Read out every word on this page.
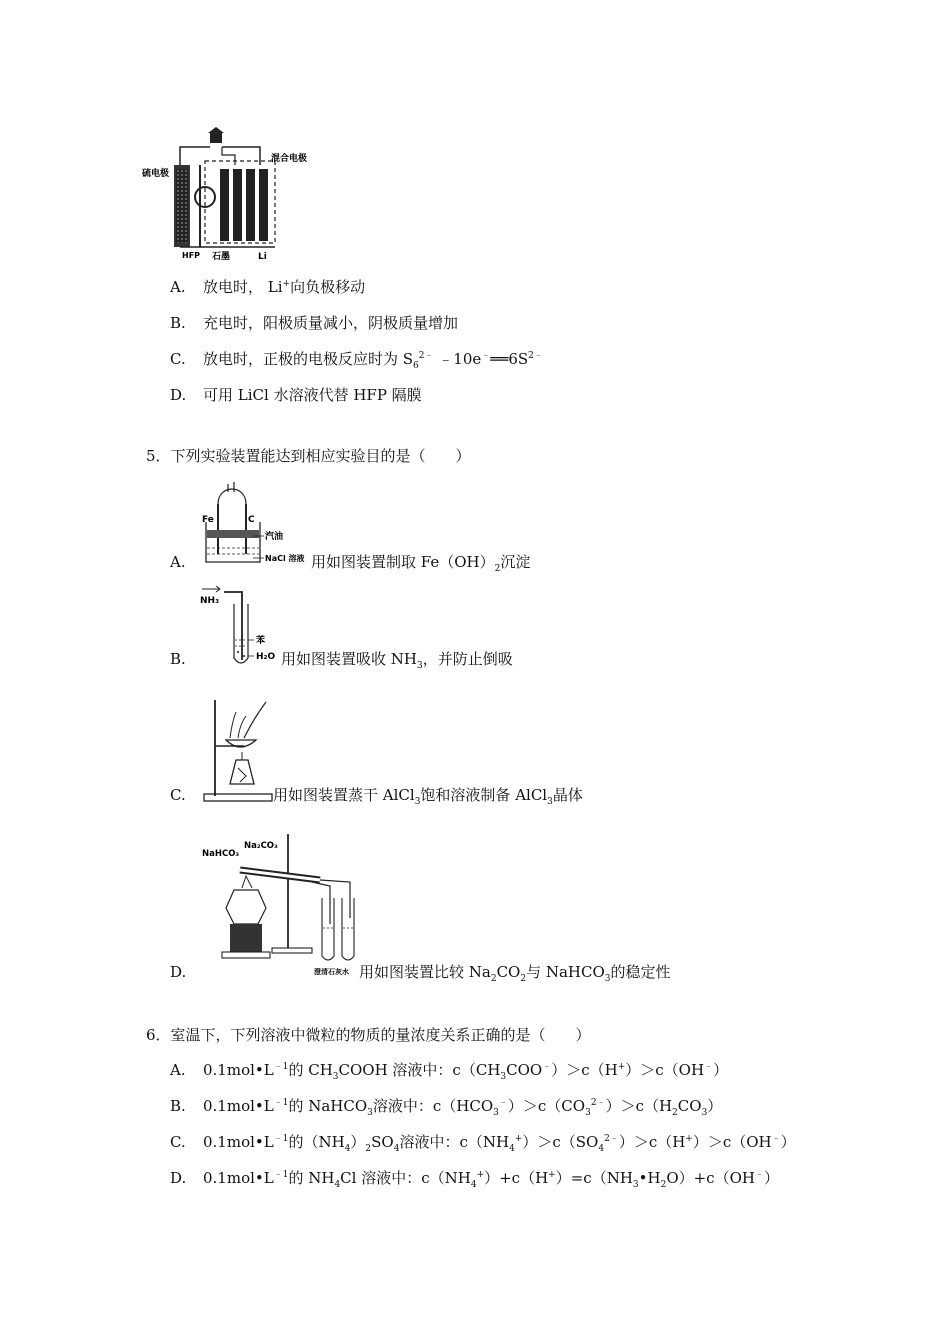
硫电极
混合电极
HFP 石墨	Li
A. 放电时， Li+向负极移动
B. 充电时，阳极质量减小，阴极质量增加
C. 放电时，正极的电极反应时为 $S_6^{2﹣}$ $﹣10e^﹣══6S^{2﹣}$
D. 可用 LiCl 水溶液代替 HFP 隔膜
5．下列实验装置能达到相应实验目的是（　　）
Fe	C
汽油
NaCl 溶液
NH₃
苯
H₂O
NaHCO₃
Na₂CO₃
澄清石灰水
A.	用如图装置制取 $Fe(OH)_2$沉淀
B.	用如图装置吸收 $NH_3$，并防止倒吸
C.	用如图装置蒸干 AlCl$_3$饱和溶液制备 AlCl$_3$晶体
D.	用如图装置比较 $Na_2CO_2$与 NaHCO$_3$的稳定性
6．室温下，下列溶液中微粒的物质的量浓度关系正确的是（　　）
A. $0.1mol•L^{﹣1}$的 $CH_3COOH$ 溶液中：$c(CH_3COO^﹣)>c(H^+)>c(OH^﹣)$
B. $0.1mol•L^{﹣1}$的 NaHCO$_3$溶液中：$c(HCO_3^﹣)>c(CO_3^{2﹣})>c(H_2CO_3)$
C. $0.1mol•L^{﹣1}$的$(NH_4)_2SO_4$溶液中：$c(NH_4^+)>c(SO_4^{2﹣})>c(H^+)>c(OH^﹣)$
D. $0.1mol•L^{﹣1}$的 $NH_4Cl$ 溶液中：$c(NH_4^+)+c(H^+)=c(NH_3•H_2O)+c(OH^﹣)$
